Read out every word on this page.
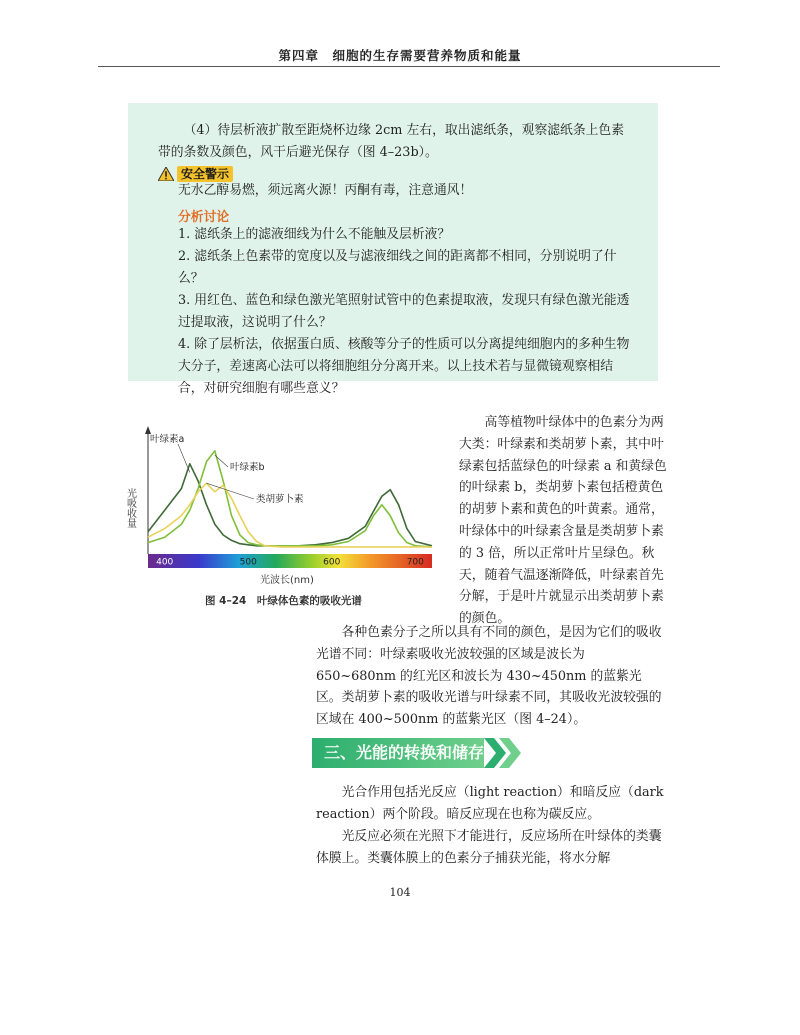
第四章　细胞的生存需要营养物质和能量
（4）待层析液扩散至距烧杯边缘 2cm 左右，取出滤纸条，观察滤纸条上色素带的条数及颜色，风干后避光保存（图 4–23b）。
安全警示
无水乙醇易燃，须远离火源！丙酮有毒，注意通风！
分析讨论
1. 滤纸条上的滤液细线为什么不能触及层析液？
2. 滤纸条上色素带的宽度以及与滤液细线之间的距离都不相同，分别说明了什么？
3. 用红色、蓝色和绿色激光笔照射试管中的色素提取液，发现只有绿色激光能透过提取液，这说明了什么？
4. 除了层析法，依据蛋白质、核酸等分子的性质可以分离提纯细胞内的多种生物大分子，差速离心法可以将细胞组分分离开来。以上技术若与显微镜观察相结合，对研究细胞有哪些意义？
光吸收量
400	500	600	700
叶绿素a
叶绿素b
类胡萝卜素
光波长(nm)
图 4–24　叶绿体色素的吸收光谱
高等植物叶绿体中的色素分为两大类：叶绿素和类胡萝卜素，其中叶绿素包括蓝绿色的叶绿素 a 和黄绿色的叶绿素 b，类胡萝卜素包括橙黄色的胡萝卜素和黄色的叶黄素。通常，叶绿体中的叶绿素含量是类胡萝卜素的 3 倍，所以正常叶片呈绿色。秋天，随着气温逐渐降低，叶绿素首先分解，于是叶片就显示出类胡萝卜素的颜色。
各种色素分子之所以具有不同的颜色，是因为它们的吸收光谱不同：叶绿素吸收光波较强的区域是波长为 650~680nm 的红光区和波长为 430~450nm 的蓝紫光区。类胡萝卜素的吸收光谱与叶绿素不同，其吸收光波较强的区域在 400~500nm 的蓝紫光区（图 4–24）。
三、光能的转换和储存
光合作用包括光反应（light reaction）和暗反应（dark reaction）两个阶段。暗反应现在也称为碳反应。
光反应必须在光照下才能进行，反应场所在叶绿体的类囊体膜上。类囊体膜上的色素分子捕获光能，将水分解
104
